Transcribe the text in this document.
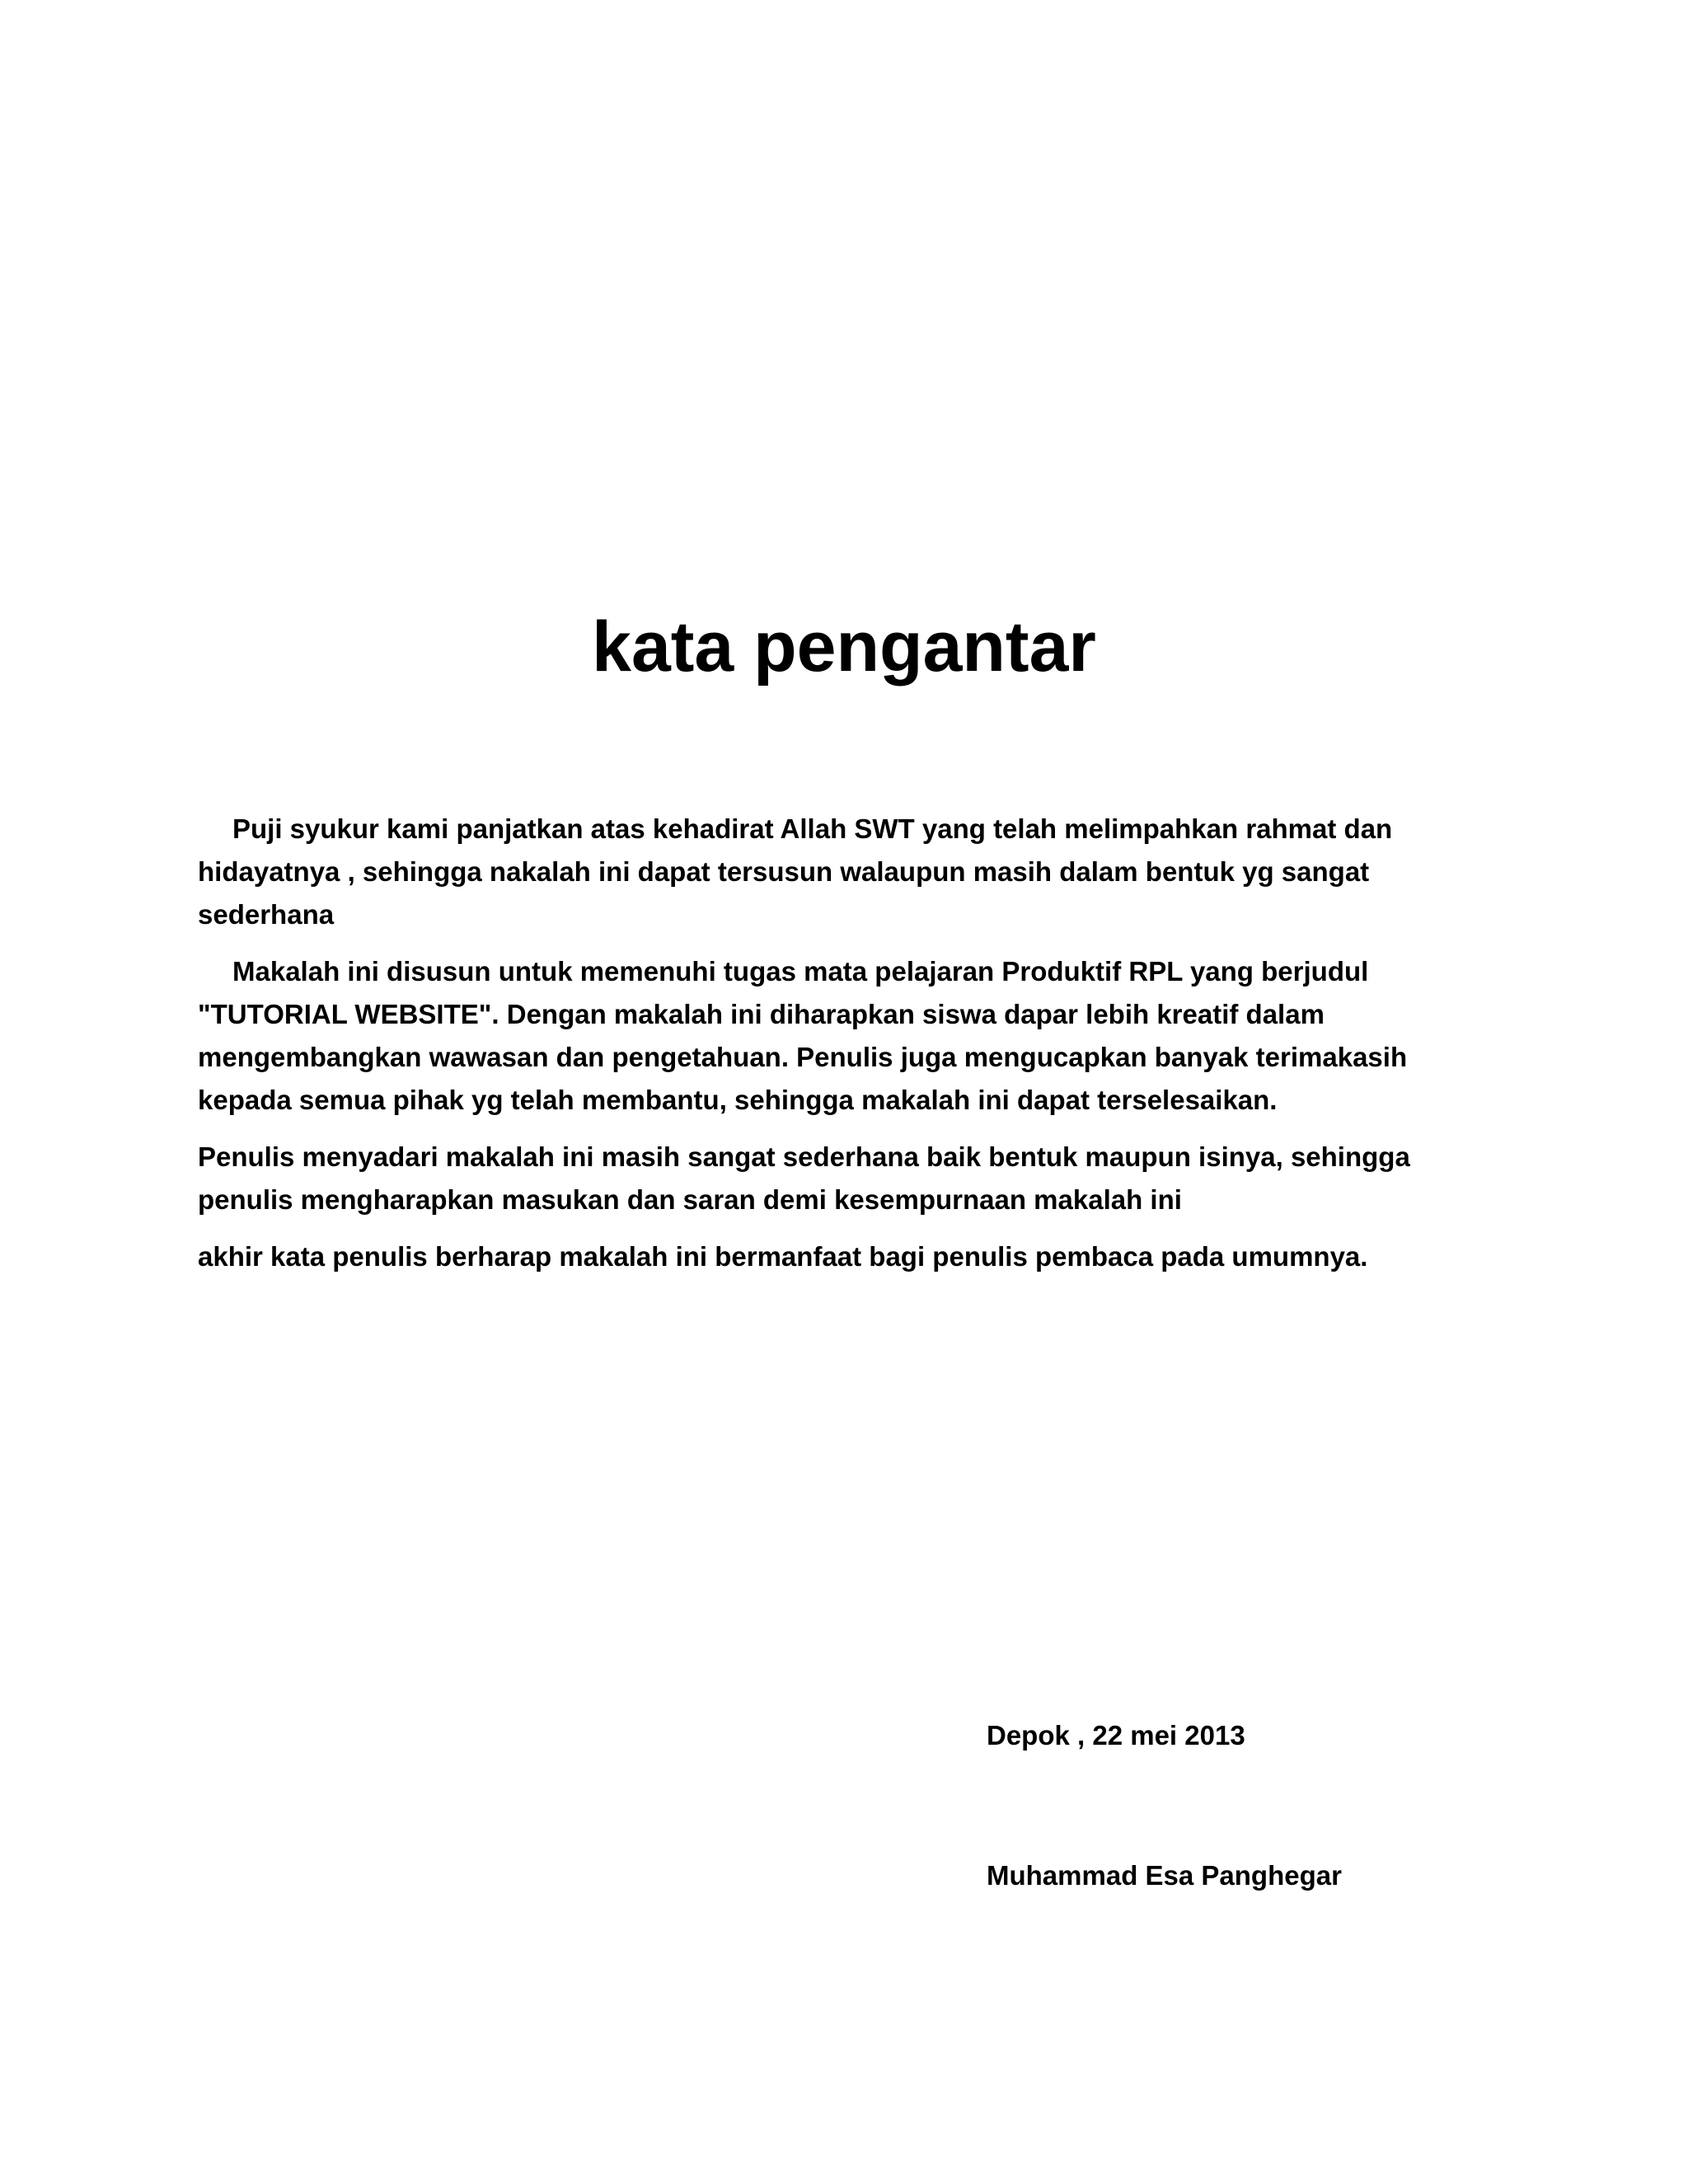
kata pengantar

Puji syukur kami panjatkan atas kehadirat Allah SWT yang telah melimpahkan rahmat dan hidayatnya , sehingga nakalah ini dapat tersusun walaupun masih dalam bentuk yg sangat sederhana

Makalah ini disusun untuk memenuhi tugas mata pelajaran Produktif RPL yang berjudul "TUTORIAL WEBSITE". Dengan makalah ini diharapkan siswa dapar lebih kreatif dalam mengembangkan wawasan dan pengetahuan. Penulis juga mengucapkan banyak terimakasih kepada semua pihak yg telah membantu, sehingga makalah ini dapat terselesaikan.

Penulis menyadari makalah ini masih sangat sederhana baik bentuk maupun isinya, sehingga penulis mengharapkan masukan dan saran demi kesempurnaan makalah ini

akhir kata penulis berharap makalah ini bermanfaat bagi penulis pembaca pada umumnya.

Depok , 22 mei 2013

Muhammad Esa Panghegar
